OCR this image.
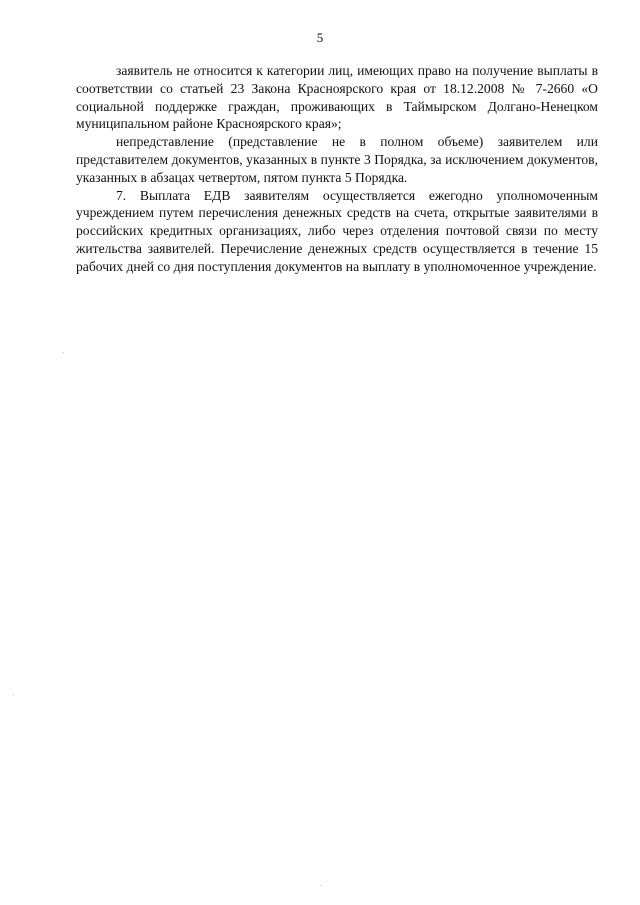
5

заявитель не относится к категории лиц, имеющих право на получение выплаты в соответствии со статьей 23 Закона Красноярского края от 18.12.2008 № 7-2660 «О социальной поддержке граждан, проживающих в Таймырском Долгано-Ненецком муниципальном районе Красноярского края»;

непредставление (представление не в полном объеме) заявителем или представителем документов, указанных в пункте 3 Порядка, за исключением документов, указанных в абзацах четвертом, пятом пункта 5 Порядка.

7. Выплата ЕДВ заявителям осуществляется ежегодно уполномоченным учреждением путем перечисления денежных средств на счета, открытые заявителями в российских кредитных организациях, либо через отделения почтовой связи по месту жительства заявителей. Перечисление денежных средств осуществляется в течение 15 рабочих дней со дня поступления документов на выплату в уполномоченное учреждение.
